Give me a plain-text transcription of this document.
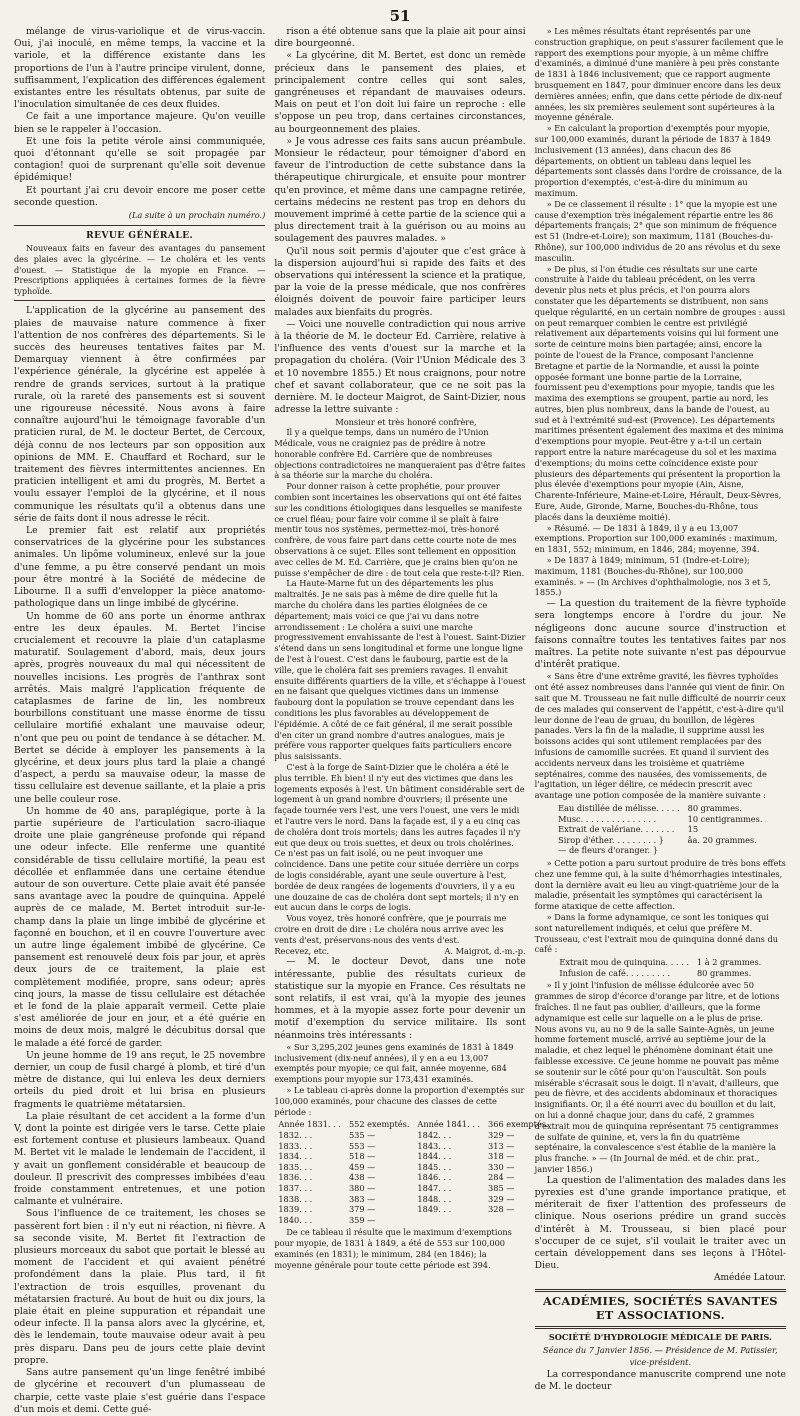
51

mélange de virus-variolique et de virus-vaccin. Oui, j'ai inoculé, en même temps, la vaccine et la variole, et la différence existante dans les proportions de l'un à l'autre principe virulent, donne, suffisamment, l'explication des différences également existantes entre les résultats obtenus, par suite de l'inoculation simultanée de ces deux fluides.

Ce fait a une importance majeure. Qu'on veuille bien se le rappeler à l'occasion.

Et une fois la petite vérole ainsi communiquée, quoi d'étonnant qu'elle se soit propagée par contagion! quoi de surprenant qu'elle soit devenue épidémique!

Et pourtant j'ai cru devoir encore me poser cette seconde question.

(La suite à un prochain numéro.)

REVUE GÉNÉRALE.

Nouveaux faits en faveur des avantages du pansement des plaies avec la glycérine. — Le choléra et les vents d'ouest. — Statistique de la myopie en France. — Prescriptions appliquées à certaines formes de la fièvre typhoïde.

L'application de la glycérine au pansement des plaies de mauvaise nature commence à fixer l'attention de nos confrères des départements. Si le succès des heureuses tentatives faites par M. Demarquay viennent à être confirmées par l'expérience générale, la glycérine est appelée à rendre de grands services, surtout à la pratique rurale, où la rareté des pansements est si souvent une rigoureuse nécessité. Nous avons à faire connaître aujourd'hui le témoignage favorable d'un praticien rural, de M. le docteur Bertet, de Cercoux, déjà connu de nos lecteurs par son opposition aux opinions de MM. E. Chauffard et Rochard, sur le traitement des fièvres intermittentes anciennes. En praticien intelligent et ami du progrès, M. Bertet a voulu essayer l'emploi de la glycérine, et il nous communique les résultats qu'il a obtenus dans une série de faits dont il nous adresse le récit.

Le premier fait est relatif aux propriétés conservatrices de la glycérine pour les substances animales. Un lipôme volumineux, enlevé sur la joue d'une femme, a pu être conservé pendant un mois pour être montré à la Société de médecine de Libourne. Il a suffi d'envelopper la pièce anatomo-pathologique dans un linge imbibé de glycérine.

Un homme de 60 ans porte un énorme anthrax entre les deux épaules. M. Bertet l'incise crucialement et recouvre la plaie d'un cataplasme maturatif. Soulagement d'abord, mais, deux jours après, progrès nouveaux du mal qui nécessitent de nouvelles incisions. Les progrès de l'anthrax sont arrêtés. Mais malgré l'application fréquente de cataplasmes de farine de lin, les nombreux bourbillons constituant une masse énorme de tissu cellulaire mortifié exhalant une mauvaise odeur, n'ont que peu ou point de tendance à se détacher. M. Bertet se décide à employer les pansements à la glycérine, et deux jours plus tard la plaie a changé d'aspect, a perdu sa mauvaise odeur, la masse de tissu cellulaire est devenue saillante, et la plaie a pris une belle couleur rose.

Un homme de 40 ans, paraplégique, porte à la partie supérieure de l'articulation sacro-iliaque droite une plaie gangréneuse profonde qui répand une odeur infecte. Elle renferme une quantité considérable de tissu cellulaire mortifié, la peau est décollée et enflammée dans une certaine étendue autour de son ouverture. Cette plaie avait été pansée sans avantage avec la poudre de quinquina. Appelé auprès de ce malade, M. Bertet introduit sur-le-champ dans la plaie un linge imbibé de glycérine et façonné en bouchon, et il en couvre l'ouverture avec un autre linge également imbibé de glycérine. Ce pansement est renouvelé deux fois par jour, et après deux jours de ce traitement, la plaie est complètement modifiée, propre, sans odeur; après cinq jours, la masse de tissu cellulaire est détachée et le fond de la plaie apparaît vermeil. Cette plaie s'est améliorée de jour en jour, et a été guérie en moins de deux mois, malgré le décubitus dorsal que le malade a été forcé de garder.

Un jeune homme de 19 ans reçut, le 25 novembre dernier, un coup de fusil chargé à plomb, et tiré d'un mètre de distance, qui lui enleva les deux derniers orteils du pied droit et lui brisa en plusieurs fragments le quatrième métatarsien.

La plaie résultant de cet accident a la forme d'un V, dont la pointe est dirigée vers le tarse. Cette plaie est fortement contuse et plusieurs lambeaux. Quand M. Bertet vit le malade le lendemain de l'accident, il y avait un gonflement considérable et beaucoup de douleur. Il prescrivit des compresses imbibées d'eau froide constamment entretenues, et une potion calmante et vulnéraire.

Sous l'influence de ce traitement, les choses se passèrent fort bien : il n'y eut ni réaction, ni fièvre. A sa seconde visite, M. Bertet fit l'extraction de plusieurs morceaux du sabot que portait le blessé au moment de l'accident et qui avaient pénétré profondément dans la plaie. Plus tard, il fit l'extraction de trois esquilles, provenant du métatarsien fracturé. Au bout de huit ou dix jours, la plaie était en pleine suppuration et répandait une odeur infecte. Il la pansa alors avec la glycérine, et, dès le lendemain, toute mauvaise odeur avait à peu près disparu. Dans peu de jours cette plaie devint propre.

Sans autre pansement qu'un linge fenêtré imbibé de glycérine et recouvert d'un plumasseau de charpie, cette vaste plaie s'est guérie dans l'espace d'un mois et demi. Cette gué-

rison a été obtenue sans que la plaie ait pour ainsi dire bourgeonné.

« La glycérine, dit M. Bertet, est donc un remède précieux dans le pansement des plaies, et principalement contre celles qui sont sales, gangréneuses et répandant de mauvaises odeurs. Mais on peut et l'on doit lui faire un reproche : elle s'oppose un peu trop, dans certaines circonstances, au bourgeonnement des plaies.

» Je vous adresse ces faits sans aucun préambule. Monsieur le rédacteur, pour témoigner d'abord en faveur de l'introduction de cette substance dans la thérapeutique chirurgicale, et ensuite pour montrer qu'en province, et même dans une campagne retirée, certains médecins ne restent pas trop en dehors du mouvement imprimé à cette partie de la science qui a plus directement trait à la guérison ou au moins au soulagement des pauvres malades. »

Qu'il nous soit permis d'ajouter que c'est grâce à la dispersion aujourd'hui si rapide des faits et des observations qui intéressent la science et la pratique, par la voie de la presse médicale, que nos confrères éloignés doivent de pouvoir faire participer leurs malades aux bienfaits du progrès.

— Voici une nouvelle contradiction qui nous arrive à la théorie de M. le docteur Ed. Carrière, relative à l'influence des vents d'ouest sur la marche et la propagation du choléra. (Voir l'Union Médicale des 3 et 10 novembre 1855.) Et nous craignons, pour notre chef et savant collaborateur, que ce ne soit pas la dernière. M. le docteur Maigrot, de Saint-Dizier, nous adresse la lettre suivante :

Monsieur et très honoré confrère,

Il y a quelque temps, dans un numéro de l'Union Médicale, vous ne craigniez pas de prédire à notre honorable confrère Ed. Carrière que de nombreuses objections contradictoires ne manqueraient pas d'être faites à sa théorie sur la marche du choléra.

Pour donner raison à cette prophétie, pour prouver combien sont incertaines les observations qui ont été faites sur les conditions étiologiques dans lesquelles se manifeste ce cruel fléau; pour faire voir comme il se plaît à faire mentir tous nos systèmes, permettez-moi, très-honoré confrère, de vous faire part dans cette courte note de mes observations à ce sujet. Elles sont tellement en opposition avec celles de M. Ed. Carrière, que je crains bien qu'on ne puisse s'empêcher de dire : de tout cela que reste-t-il? Rien.

La Haute-Marne fut un des départements les plus maltraités. Je ne sais pas à même de dire quelle fut la marche du choléra dans les parties éloignées de ce département; mais voici ce que j'ai vu dans notre arrondissement : Le choléra a suivi une marche progressivement envahissante de l'est à l'ouest. Saint-Dizier s'étend dans un sens longitudinal et forme une longue ligne de l'est à l'ouest. C'est dans le faubourg, partie est de la ville, que le choléra fait ses premiers ravages. Il envahit ensuite différents quartiers de la ville, et s'échappe à l'ouest en ne faisant que quelques victimes dans un immense faubourg dont la population se trouve cependant dans les conditions les plus favorables au développement de l'épidémie. A côté de ce fait général, il me serait possible d'en citer un grand nombre d'autres analogues, mais je préfère vous rapporter quelques faits particuliers encore plus saisissants.

C'est à la forge de Saint-Dizier que le choléra a été le plus terrible. Eh bien! il n'y eut des victimes que dans les logements exposés à l'est. Un bâtiment considérable sert de logement à un grand nombre d'ouvriers; il présente une façade tournée vers l'est, une vers l'ouest, une vers le midi et l'autre vers le nord. Dans la façade est, il y a eu cinq cas de choléra dont trois mortels; dans les autres façades il n'y eut que deux ou trois suettes, et deux ou trois cholérines. Ce n'est pas un fait isolé, ou ne peut invoquer une coïncidence. Dans une petite cour située derrière un corps de logis considérable, ayant une seule ouverture à l'est, bordée de deux rangées de logements d'ouvriers, il y a eu une douzaine de cas de choléra dont sept mortels; il n'y en eut aucun dans le corps de logis.

Vous voyez, très honoré confrère, que je pourrais me croire en droit de dire : Le choléra nous arrive avec les vents d'est, préservons-nous des vents d'est.

Recevez, etc.	A. Maigrot, d.-m.-p.

— M. le docteur Devot, dans une note intéressante, publie des résultats curieux de statistique sur la myopie en France. Ces résultats ne sont relatifs, il est vrai, qu'à la myopie des jeunes hommes, et à la myopie assez forte pour devenir un motif d'exemption du service militaire. Ils sont néanmoins très intéressants :

« Sur 3,295,202 jeunes gens examinés de 1831 à 1849 inclusivement (dix-neuf années), il y en a eu 13,007 exemptés pour myopie; ce qui fait, année moyenne, 684 exemptions pour myopie sur 173,431 examinés.

» Le tableau ci-après donne la proportion d'exemptés sur 100,000 examinés, pour chacune des classes de cette période :

Année 1831. . .	552 exemptés.	Année 1841. . .	366 exemptés.
1832. . .	535 —	1842. . .	329 —
1833. . .	553 —	1843. . .	313 —
1834. . .	518 —	1844. . .	318 —
1835. . .	459 —	1845. . .	330 —
1836. . .	438 —	1846. . .	284 —
1837. . .	380 —	1847. . .	385 —
1838. . .	383 —	1848. . .	329 —
1839. . .	379 —	1849. . .	328 —
1840. . .	359 —		

De ce tableau il résulte que le maximum d'exemptions pour myopie, de 1831 à 1849, a été de 553 sur 100,000 examinés (en 1831); le minimum, 284 (en 1846); la moyenne générale pour toute cette période est 394.

» Les mêmes résultats étant représentés par une construction graphique, on peut s'assurer facilement que le rapport des exemptions pour myopie, à un même chiffre d'examinés, a diminué d'une manière à peu près constante de 1831 à 1846 inclusivement; que ce rapport augmente brusquement en 1847, pour diminuer encore dans les deux dernières années; enfin, que dans cette période de dix-neuf années, les six premières seulement sont supérieures à la moyenne générale.

» En calculant la proportion d'exemptés pour myopie, sur 100,000 examinés, durant la période de 1837 à 1849 inclusivement (13 années), dans chacun des 86 départements, on obtient un tableau dans lequel les départements sont classés dans l'ordre de croissance, de la proportion d'exemptés, c'est-à-dire du minimum au maximum.

» De ce classement il résulte : 1° que la myopie est une cause d'exemption très inégalement répartie entre les 86 départements français; 2° que son minimum de fréquence est 51 (Indre-et-Loire); son maximum, 1181 (Bouches-du-Rhône), sur 100,000 individus de 20 ans révolus et du sexe masculin.

» De plus, si l'on étudie ces résultats sur une carte construite à l'aide du tableau précédent, on les verra devenir plus nets et plus précis, et l'on pourra alors constater que les départements se distribuent, non sans quelque régularité, en un certain nombre de groupes : aussi on peut remarquer combien le centre est privilégié relativement aux départements voisins qui lui forment une sorte de ceinture moins bien partagée; ainsi, encore la pointe de l'ouest de la France, composant l'ancienne Bretagne et partie de la Normandie, et aussi la pointe opposée formant une bonne partie de la Lorraine, fournissent peu d'exemptions pour myopie, tandis que les maxima des exemptions se groupent, partie au nord, les autres, bien plus nombreux, dans la bande de l'ouest, au sud et à l'extrémité sud-est (Provence). Les départements maritimes présentent également des maxima et des minima d'exemptions pour myopie. Peut-être y a-t-il un certain rapport entre la nature marécageuse du sol et les maxima d'exemptions; du moins cette coïncidence existe pour plusieurs des départements qui présentent la proportion la plus élevée d'exemptions pour myopie (Ain, Aisne, Charente-Inférieure, Maine-et-Loire, Hérault, Deux-Sèvres, Eure, Aude, Gironde, Marne, Bouches-du-Rhône, tous placés dans la deuxième moitié).

» Résumé. — De 1831 à 1849, il y a eu 13,007 exemptions. Proportion sur 100,000 examinés : maximum, en 1831, 552; minimum, en 1846, 284; moyenne, 394.

» De 1837 à 1849; minimum, 51 (Indre-et-Loire); maximum, 1181 (Bouches-du-Rhône), sur 100,000 examinés. » — (In Archives d'ophthalmologie, nos 3 et 5, 1855.)

— La question du traitement de la fièvre typhoïde sera longtemps encore à l'ordre du jour. Ne négligeons donc aucune source d'instruction et faisons connaître toutes les tentatives faites par nos maîtres. La petite note suivante n'est pas dépourvue d'intérêt pratique.

« Sans être d'une extrême gravité, les fièvres typhoïdes ont été assez nombreuses dans l'année qui vient de finir. On sait que M. Trousseau ne fait nulle difficulté de nourrir ceux de ces malades qui conservent de l'appétit, c'est-à-dire qu'il leur donne de l'eau de gruau, du bouillon, de légères panades. Vers la fin de la maladie, il supprime aussi les boissons acides qui sont utilement remplacées par des infusions de camomille sucrées. Et quand il survient des accidents nerveux dans les troisième et quatrième septénaires, comme des nausées, des vomissements, de l'agitation, un léger délire, ce médecin prescrit avec avantage une potion composée de la manière suivante :

Eau distillée de mélisse. . . . .	80 grammes.
Musc. . . . . . . . . . . . . . .	10 centigrammes.
Extrait de valériane. . . . . . .	15
Sirop d'éther. . . . . . . . . }	âa. 20 grammes.
— de fleurs d'oranger. }	

» Cette potion a paru surtout produire de très bons effets chez une femme qui, à la suite d'hémorrhagies intestinales, dont la dernière avait eu lieu au vingt-quatrième jour de la maladie, présentait les symptômes qui caractérisent la forme ataxique de cette affection.

» Dans la forme adynamique, ce sont les toniques qui sont naturellement indiqués, et celui que préfère M. Trousseau, c'est l'extrait mou de quinquina donné dans du café :

Extrait mou de quinquina. . . . .	1 à 2 grammes.
Infusion de café. . . . . . . . .	80 grammes.

» Il y joint l'infusion de mélisse édulcorée avec 50 grammes de sirop d'écorce d'orange par litre, et de lotions fraîches. Il ne faut pas oublier, d'ailleurs, que la forme adynamique est celle sur laquelle on a le plus de prise. Nous avons vu, au no 9 de la salle Sainte-Agnès, un jeune homme fortement musclé, arrivé au septième jour de la maladie, et chez lequel le phénomène dominant était une faiblesse excessive. Ce jeune homme ne pouvait pas même se soutenir sur le côté pour qu'on l'auscultât. Son pouls misérable s'écrasait sous le doigt. Il n'avait, d'ailleurs, que peu de fièvre, et des accidents abdominaux et thoraciques insignifiants. Or, il a été nourri avec du bouillon et du lait, on lui a donné chaque jour, dans du café, 2 grammes d'extrait mou de quinquina représentant 75 centigrammes de sulfate de quinine, et, vers la fin du quatrième septénaire, la convalescence s'est établie de la manière la plus franche. » — (In Journal de méd. et de chir. prat., janvier 1856.)

La question de l'alimentation des malades dans les pyrexies est d'une grande importance pratique, et mériterait de fixer l'attention des professeurs de clinique. Nous oserions prédire un grand succès d'intérêt à M. Trousseau, si bien placé pour s'occuper de ce sujet, s'il voulait le traiter avec un certain développement dans ses leçons à l'Hôtel-Dieu.

Amédée Latour.

ACADÉMIES, SOCIÉTÉS SAVANTES ET ASSOCIATIONS.
SOCIÉTÉ D'HYDROLOGIE MÉDICALE DE PARIS.
Séance du 7 Janvier 1856. — Présidence de M. Patissier, vice-président.

La correspondance manuscrite comprend une note de M. le docteur
